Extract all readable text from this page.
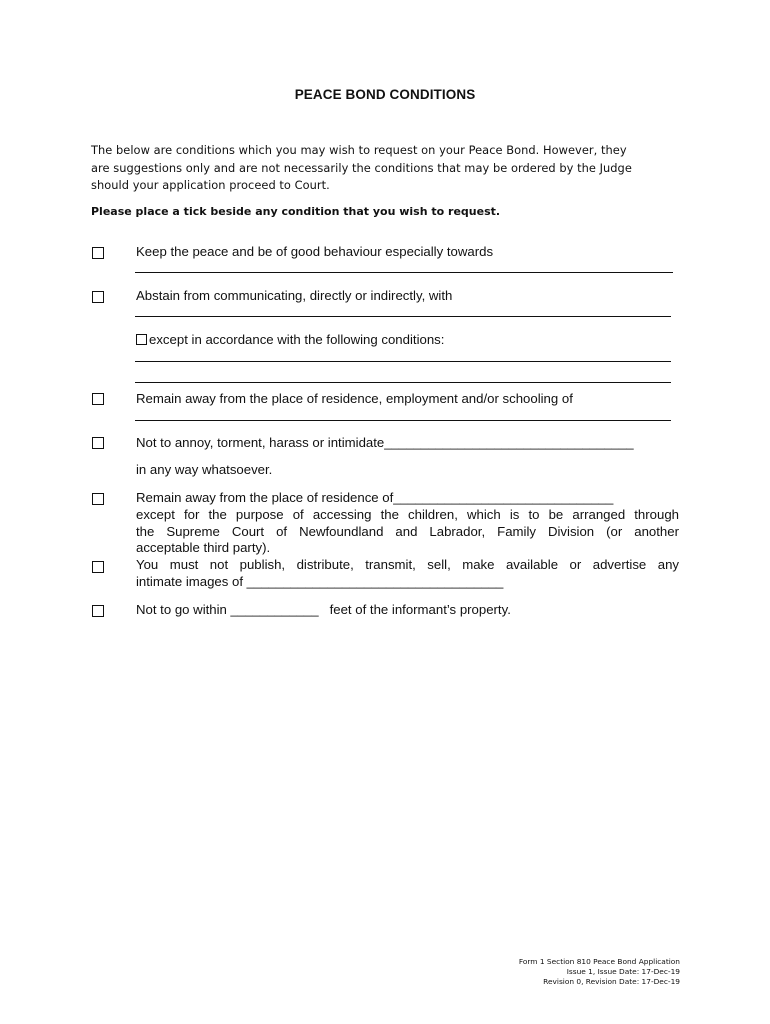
PEACE BOND CONDITIONS
The below are conditions which you may wish to request on your Peace Bond. However, they
are suggestions only and are not necessarily the conditions that may be ordered by the Judge
should your application proceed to Court.
Please place a tick beside any condition that you wish to request.
Keep the peace and be of good behaviour especially towards
Abstain from communicating, directly or indirectly, with
except in accordance with the following conditions:
Remain away from the place of residence, employment and/or schooling of
Not to annoy, torment, harass or intimidate__________________________________
in any way whatsoever.
Remain away from the place of residence of______________________________
except for the purpose of accessing the children, which is to be arranged through
the Supreme Court of Newfoundland and Labrador, Family Division (or another
acceptable third party).
You must not publish, distribute, transmit, sell, make available or advertise any
intimate images of ___________________________________
Not to go within ____________ feet of the informant’s property.
Form 1 Section 810 Peace Bond Application
Issue 1, Issue Date: 17-Dec-19
Revision 0, Revision Date: 17-Dec-19
